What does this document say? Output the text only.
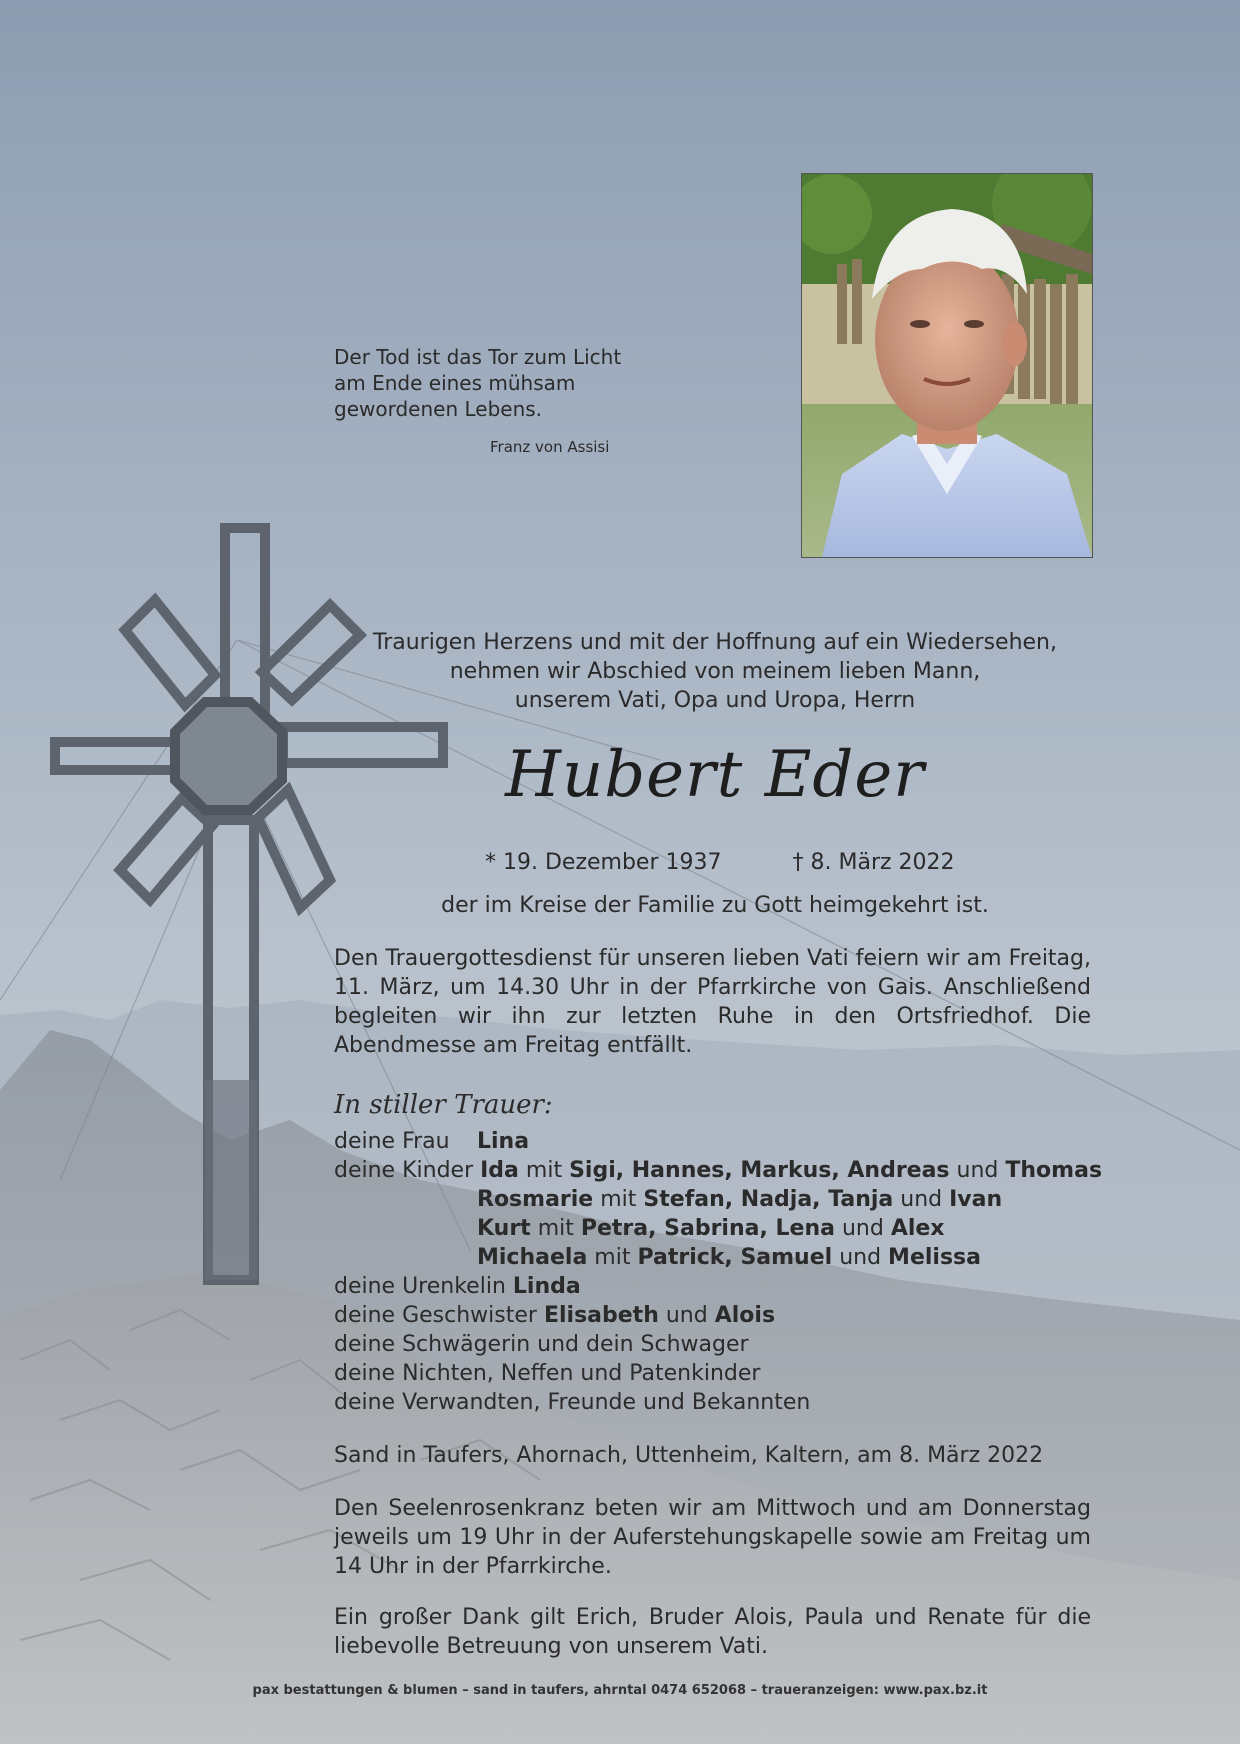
Der Tod ist das Tor zum Licht
am Ende eines mühsam
gewordenen Lebens.
Franz von Assisi
Traurigen Herzens und mit der Hoffnung auf ein Wiedersehen,
nehmen wir Abschied von meinem lieben Mann,
unserem Vati, Opa und Uropa, Herrn
Hubert Eder
* 19. Dezember 1937	† 8. März 2022
der im Kreise der Familie zu Gott heimgekehrt ist.
Den Trauergottesdienst für unseren lieben Vati feiern wir am Freitag, 11. März, um 14.30 Uhr in der Pfarrkirche von Gais. Anschließend begleiten wir ihn zur letzten Ruhe in den Ortsfriedhof. Die Abendmesse am Freitag entfällt.
In stiller Trauer:
deine Frau Lina
deine Kinder Ida mit Sigi, Hannes, Markus, Andreas und Thomas
Rosmarie mit Stefan, Nadja, Tanja und Ivan
Kurt mit Petra, Sabrina, Lena und Alex
Michaela mit Patrick, Samuel und Melissa
deine Urenkelin Linda
deine Geschwister Elisabeth und Alois
deine Schwägerin und dein Schwager
deine Nichten, Neffen und Patenkinder
deine Verwandten, Freunde und Bekannten
Sand in Taufers, Ahornach, Uttenheim, Kaltern, am 8. März 2022
Den Seelenrosenkranz beten wir am Mittwoch und am Donnerstag jeweils um 19 Uhr in der Auferstehungskapelle sowie am Freitag um 14 Uhr in der Pfarrkirche.
Ein großer Dank gilt Erich, Bruder Alois, Paula und Renate für die liebevolle Betreuung von unserem Vati.
pax bestattungen & blumen – sand in taufers, ahrntal 0474 652068 – traueranzeigen: www.pax.bz.it
